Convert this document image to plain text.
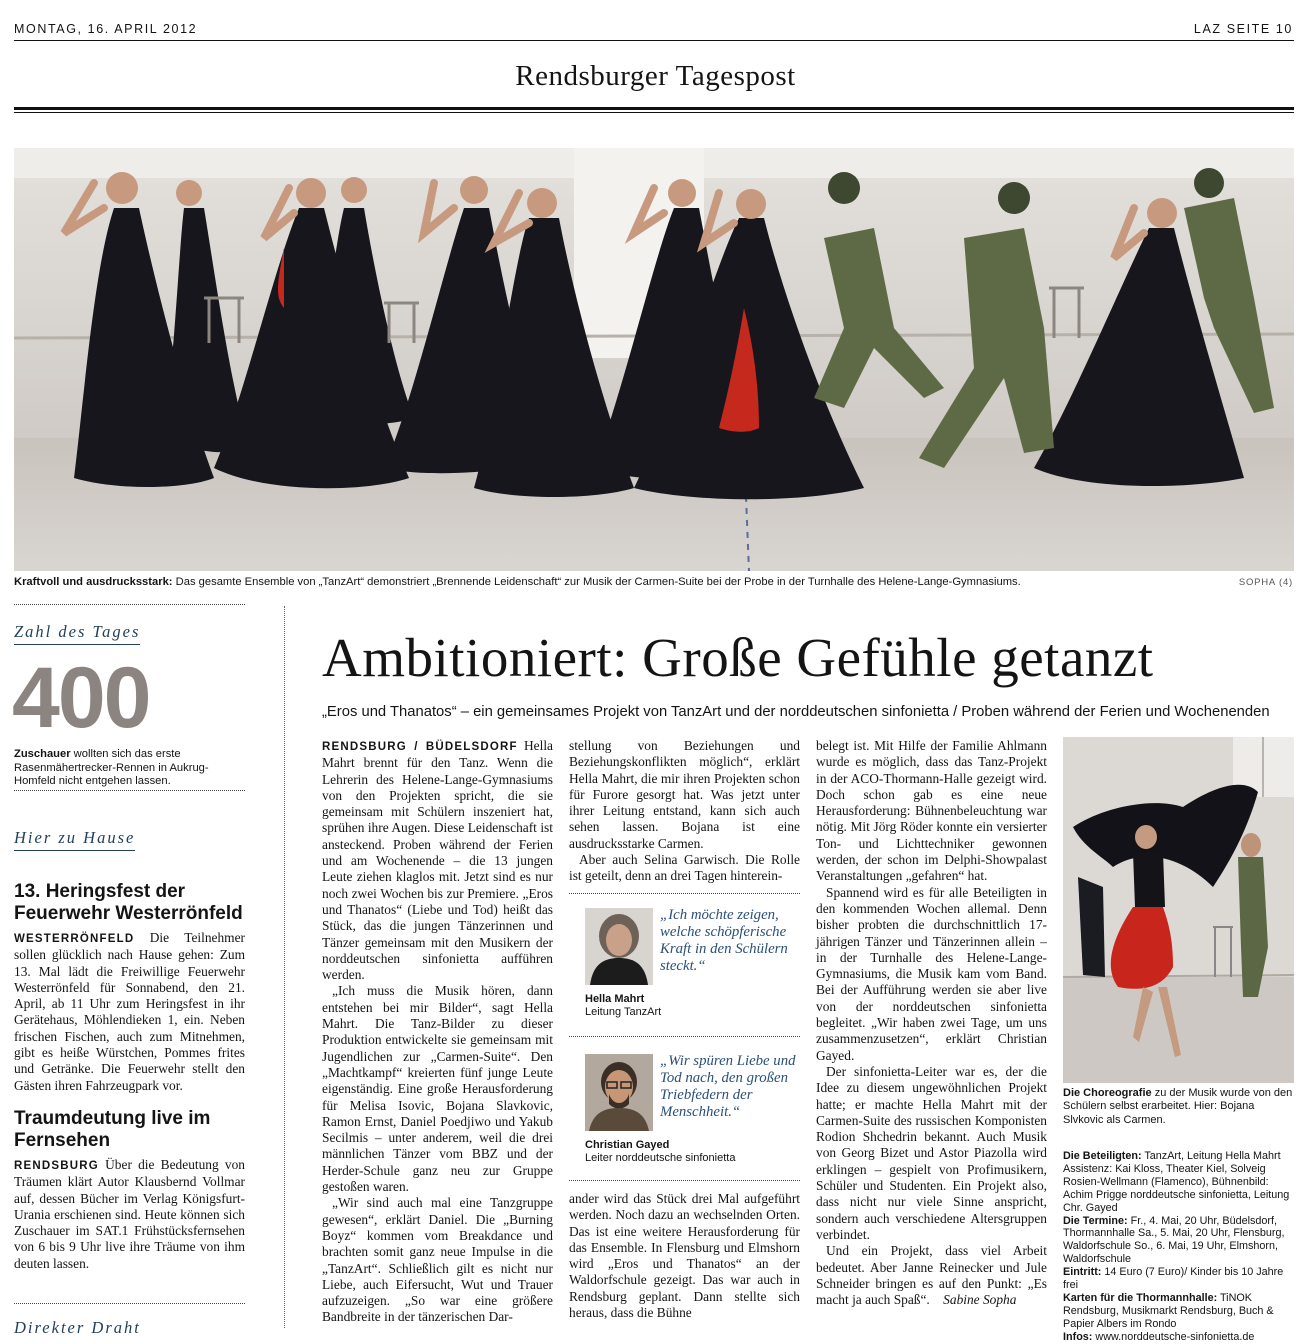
MONTAG, 16. APRIL 2012	LAZ SEITE 10
Rendsburger Tagespost
Kraftvoll und ausdrucksstark: Das gesamte Ensemble von „TanzArt“ demonstriert „Brennende Leidenschaft“ zur Musik der Carmen-Suite bei der Probe in der Turnhalle des Helene-Lange-Gymnasiums.	SOPHA (4)
Zahl des Tages
400
Zuschauer wollten sich das erste Rasenmähertrecker-Rennen in Aukrug-Homfeld nicht entgehen lassen.
Hier zu Hause
13. Heringsfest der Feuerwehr Westerrönfeld
WESTERRÖNFELD Die Teilnehmer sollen glücklich nach Hause gehen: Zum 13. Mal lädt die Freiwillige Feuerwehr Westerrönfeld für Sonnabend, den 21. April, ab 11 Uhr zum Heringsfest in ihr Gerätehaus, Möhlendieken 1, ein. Neben frischen Fischen, auch zum Mitnehmen, gibt es heiße Würstchen, Pommes frites und Getränke. Die Feuerwehr stellt den Gästen ihren Fahrzeugpark vor.
Traumdeutung live im Fernsehen
RENDSBURG Über die Bedeutung von Träumen klärt Autor Klausbernd Vollmar auf, dessen Bücher im Verlag Königsfurt-Urania erschienen sind. Heute können sich Zuschauer im SAT.1 Frühstücksfernsehen von 6 bis 9 Uhr live ihre Träume von ihm deuten lassen.
Direkter Draht
Ambitioniert: Große Gefühle getanzt
„Eros und Thanatos“ – ein gemeinsames Projekt von TanzArt und der norddeutschen sinfonietta / Proben während der Ferien und Wochenenden

RENDSBURG / BÜDELSDORF Hella Mahrt brennt für den Tanz. Wenn die Lehrerin des Helene-Lange-Gymnasiums von den Projekten spricht, die sie gemeinsam mit Schülern inszeniert hat, sprühen ihre Augen. Diese Leidenschaft ist ansteckend. Proben während der Ferien und am Wochenende – die 13 jungen Leute ziehen klaglos mit. Jetzt sind es nur noch zwei Wochen bis zur Premiere. „Eros und Thanatos“ (Liebe und Tod) heißt das Stück, das die jungen Tänzerinnen und Tänzer gemeinsam mit den Musikern der norddeutschen sinfonietta aufführen werden.

„Ich muss die Musik hören, dann entstehen bei mir Bilder“, sagt Hella Mahrt. Die Tanz-Bilder zu dieser Produktion entwickelte sie gemeinsam mit Jugendlichen zur „Carmen-Suite“. Den „Machtkampf“ kreierten fünf junge Leute eigenständig. Eine große Herausforderung für Melisa Isovic, Bojana Slavkovic, Ramon Ernst, Daniel Poedjiwo und Yakub Secilmis – unter anderem, weil die drei männlichen Tänzer vom BBZ und der Herder-Schule ganz neu zur Gruppe gestoßen waren.

„Wir sind auch mal eine Tanzgruppe gewesen“, erklärt Daniel. Die „Burning Boyz“ kommen vom Breakdance und brachten somit ganz neue Impulse in die „TanzArt“. Schließlich gilt es nicht nur Liebe, auch Eifersucht, Wut und Trauer aufzuzeigen. „So war eine größere Bandbreite in der tänzerischen Dar-

stellung von Beziehungen und Beziehungskonflikten möglich“, erklärt Hella Mahrt, die mir ihren Projekten schon für Furore gesorgt hat. Was jetzt unter ihrer Leitung entstand, kann sich auch sehen lassen. Bojana ist eine ausdrucksstarke Carmen.

Aber auch Selina Garwisch. Die Rolle ist geteilt, denn an drei Tagen hinterein-

„Ich möchte zeigen, welche schöpferische Kraft in den Schülern steckt.“
Hella Mahrt
Leitung TanzArt
„Wir spüren Liebe und Tod nach, den großen Triebfedern der Menschheit.“
Christian Gayed
Leiter norddeutsche sinfonietta

ander wird das Stück drei Mal aufgeführt werden. Noch dazu an wechselnden Orten. Das ist eine weitere Herausforderung für das Ensemble. In Flensburg und Elmshorn wird „Eros und Thanatos“ an der Waldorfschule gezeigt. Das war auch in Rendsburg geplant. Dann stellte sich heraus, dass die Bühne

belegt ist. Mit Hilfe der Familie Ahlmann wurde es möglich, dass das Tanz-Projekt in der ACO-Thormann-Halle gezeigt wird. Doch schon gab es eine neue Herausforderung: Bühnenbeleuchtung war nötig. Mit Jörg Röder konnte ein versierter Ton- und Lichttechniker gewonnen werden, der schon im Delphi-Showpalast Veranstaltungen „gefahren“ hat.

Spannend wird es für alle Beteiligten in den kommenden Wochen allemal. Denn bisher probten die durchschnittlich 17-jährigen Tänzer und Tänzerinnen allein – in der Turnhalle des Helene-Lange-Gymnasiums, die Musik kam vom Band. Bei der Aufführung werden sie aber live von der norddeutschen sinfonietta begleitet. „Wir haben zwei Tage, um uns zusammenzusetzen“, erklärt Christian Gayed.

Der sinfonietta-Leiter war es, der die Idee zu diesem ungewöhnlichen Projekt hatte; er machte Hella Mahrt mit der Carmen-Suite des russischen Komponisten Rodion Shchedrin bekannt. Auch Musik von Georg Bizet und Astor Piazolla wird erklingen – gespielt von Profimusikern, Schüler und Studenten. Ein Projekt also, dass nicht nur viele Sinne anspricht, sondern auch verschiedene Altersgruppen verbindet.

Und ein Projekt, dass viel Arbeit bedeutet. Aber Janne Reinecker und Jule Schneider bringen es auf den Punkt: „Es macht ja auch Spaß“. Sabine Sopha

Die Choreografie zu der Musik wurde von den Schülern selbst erarbeitet. Hier: Bojana Slvkovic als Carmen.
Die Beteiligten: TanzArt, Leitung Hella Mahrt Assistenz: Kai Kloss, Theater Kiel, Solveig Rosien-Wellmann (Flamenco), Bühnenbild: Achim Prigge norddeutsche sinfonietta, Leitung Chr. Gayed
Die Termine: Fr., 4. Mai, 20 Uhr, Büdelsdorf, Thormannhalle Sa., 5. Mai, 20 Uhr, Flensburg, Waldorfschule So., 6. Mai, 19 Uhr, Elmshorn, Waldorfschule
Eintritt: 14 Euro (7 Euro)/ Kinder bis 10 Jahre frei
Karten für die Thormannhalle: TiNOK Rendsburg, Musikmarkt Rendsburg, Buch & Papier Albers im Rondo
Infos: www.norddeutsche-sinfonietta.de
